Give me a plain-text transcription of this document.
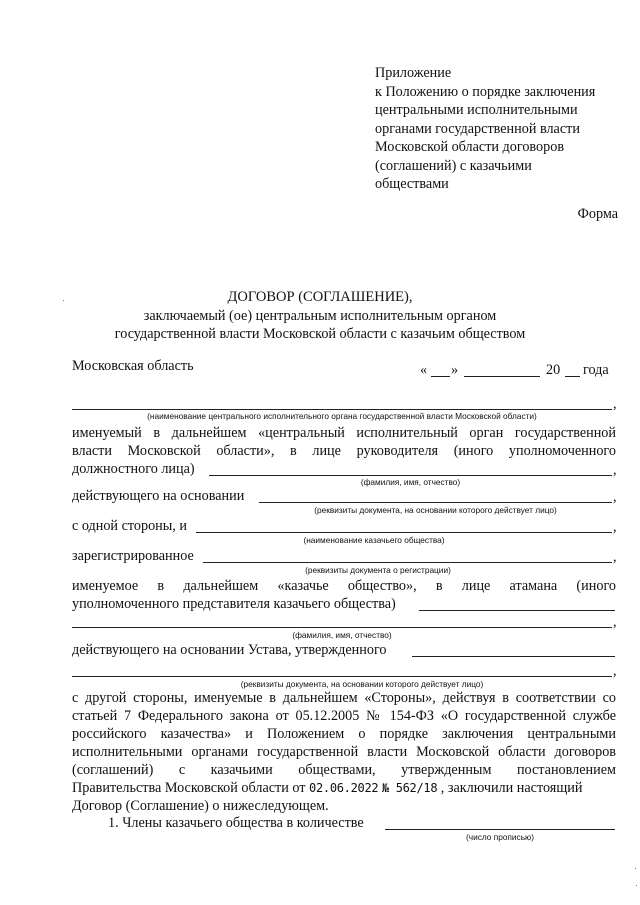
Приложение
к Положению о порядке заключения
центральными исполнительными
органами государственной власти
Московской области договоров
(соглашений) с казачьими
обществами
Форма
ДОГОВОР (СОГЛАШЕНИЕ),
заключаемый (ое) центральным исполнительным органом
государственной власти Московской области с казачьим обществом
Московская область	« »	20 года
,
(наименование центрального исполнительного органа государственной власти Московской области)
именуемый в дальнейшем «центральный исполнительный орган государственной
власти Московской области», в лице руководителя (иного уполномоченного
должностного лица)	,
(фамилия, имя, отчество)
действующего на основании	,
(реквизиты документа, на основании которого действует лицо)
с одной стороны, и	,
(наименование казачьего общества)
зарегистрированное	,
(реквизиты документа о регистрации)
именуемое в дальнейшем «казачье общество», в лице атамана (иного
уполномоченного представителя казачьего общества)
,
(фамилия, имя, отчество)
действующего на основании Устава, утвержденного
,
(реквизиты документа, на основании которого действует лицо)
с другой стороны, именуемые в дальнейшем «Стороны», действуя в соответствии со
статьей 7 Федерального закона от 05.12.2005 № 154-ФЗ «О государственной службе
российского казачества» и Положением о порядке заключения центральными
исполнительными органами государственной власти Московской области договоров
(соглашений) с казачьими обществами, утвержденным постановлением
Правительства Московской области от 02.06.2022 № 562/18 , заключили настоящий
Договор (Соглашение) о нижеследующем.
1. Члены казачьего общества в количестве
(число прописью)
